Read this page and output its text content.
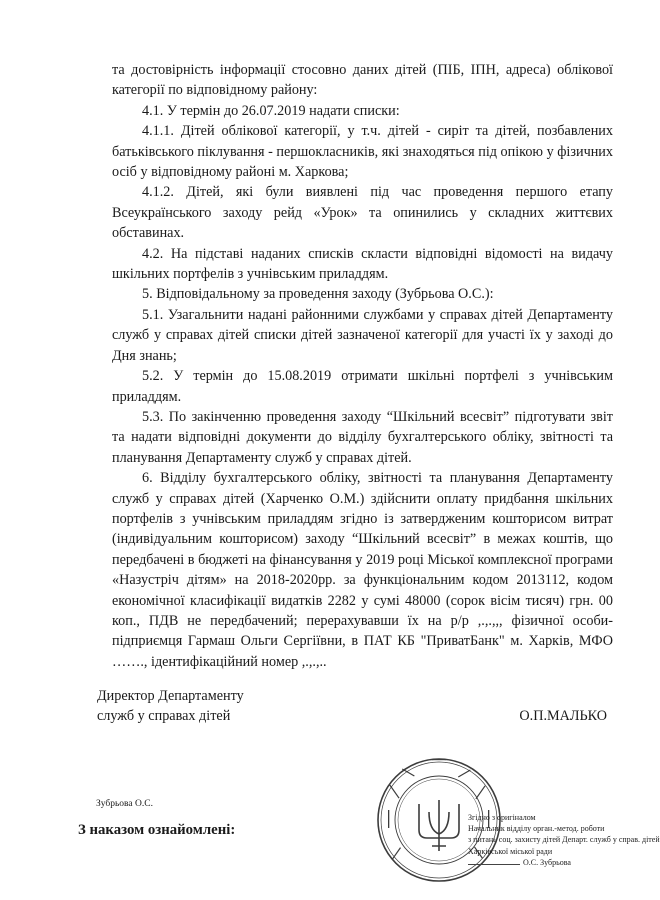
та достовірність інформації стосовно даних дітей (ПІБ, ІПН, адреса) облікової категорії по відповідному району:

4.1. У термін до 26.07.2019 надати списки:

4.1.1. Дітей облікової категорії, у т.ч. дітей - сиріт та дітей, позбавлених батьківського піклування - першокласників, які знаходяться під опікою у фізичних осіб у відповідному районі м. Харкова;

4.1.2. Дітей, які були виявлені під час проведення першого етапу Всеукраїнського заходу рейд «Урок» та опинились у складних життєвих обставинах.

4.2. На підставі наданих списків скласти відповідні відомості на видачу шкільних портфелів з учнівським приладдям.

5. Відповідальному за проведення заходу (Зубрьова О.С.):

5.1. Узагальнити надані районними службами у справах дітей Департаменту служб у справах дітей списки дітей зазначеної категорії для участі їх у заході до Дня знань;

5.2. У термін до 15.08.2019 отримати шкільні портфелі з учнівським приладдям.

5.3. По закінченню проведення заходу “Шкільний всесвіт” підготувати звіт та надати відповідні документи до відділу бухгалтерського обліку, звітності та планування Департаменту служб у справах дітей.

6. Відділу бухгалтерського обліку, звітності та планування Департаменту служб у справах дітей (Харченко О.М.) здійснити оплату придбання шкільних портфелів з учнівським приладдям згідно із затвердженим кошторисом витрат (індивідуальним кошторисом) заходу “Шкільний всесвіт” в межах коштів, що передбачені в бюджеті на фінансування у 2019 році Міської комплексної програми «Назустріч дітям» на 2018-2020рр. за функціональним кодом 2013112, кодом економічної класифікації видатків 2282 у сумі 48000 (сорок вісім тисяч) грн. 00 коп., ПДВ не передбачений; перерахувавши їх на р/р ,.,.,,, фізичної особи-підприємця Гармаш Ольги Сергіївни, в ПАТ КБ "ПриватБанк" м. Харків, МФО ……., ідентифікаційний номер ,.,.,..

Директор Департаменту
служб у справах дітей	О.П.МАЛЬКО
Зубрьова О.С.
З наказом ознайомлені:
Згідно з оригіналом
Начальник відділу орган.-метод. роботи
з питань соц. захисту дітей Департ. служб у справ. дітей
Харківської міської ради
О.С. Зубрьова
